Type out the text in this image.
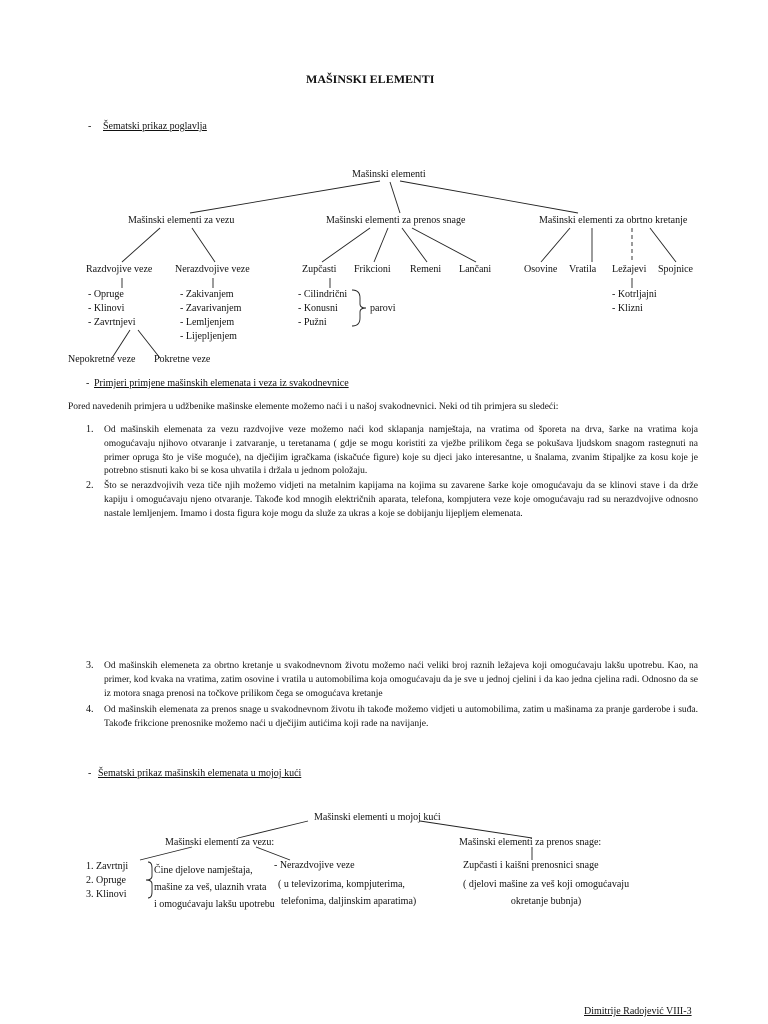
MAŠINSKI ELEMENTI
- Šematski prikaz poglavlja
Mašinski elementi
Mašinski elementi za vezu	Mašinski elementi za prenos snage	Mašinski elementi za obrtno kretanje
Razdvojive veze Nerazdvojive veze	Zupčasti Frikcioni Remeni Lančani	Osovine Vratila Ležajevi Spojnice
- Opruge
- Klinovi
- Zavrtnjevi
- Zakivanjem
- Zavarivanjem
- Lemljenjem
- Lijepljenjem
- Cilindrični
- Konusni
- Pužni
parovi
- Kotrljajni
- Klizni
Nepokretne veze Pokretne veze
- Primjeri primjene mašinskih elemenata i veza iz svakodnevnice
Pored navedenih primjera u udžbenike mašinske elemente možemo naći i u našoj svakodnevnici. Neki od tih primjera su sledeći:
1. Od mašinskih elemenata za vezu razdvojive veze možemo naći kod sklapanja namještaja, na vratima od šporeta na drva, šarke na vratima koja omogućavaju njihovo otvaranje i zatvaranje, u teretanama ( gdje se mogu koristiti za vježbe prilikom čega se pokušava ljudskom snagom rastegnuti na primer opruga što je više moguće), na dječijim igračkama (iskačuće figure) koje su djeci jako interesantne, u šnalama, zvanim štipaljke za kosu koje je potrebno stisnuti kako bi se kosa uhvatila i držala u jednom položaju.
2. Što se nerazdvojivih veza tiče njih možemo vidjeti na metalnim kapijama na kojima su zavarene šarke koje omogućavaju da se klinovi stave i da drže kapiju i omogućavaju njeno otvaranje. Takođe kod mnogih električnih aparata, telefona, kompjutera veze koje omogućavaju rad su nerazdvojive odnosno nastale lemljenjem. Imamo i dosta figura koje mogu da služe za ukras a koje se dobijanju lijepljem elemenata.
3. Od mašinskih elemeneta za obrtno kretanje u svakodnevnom životu možemo naći veliki broj raznih ležajeva koji omogućavaju lakšu upotrebu. Kao, na primer, kod kvaka na vratima, zatim osovine i vratila u automobilima koja omogućavaju da je sve u jednoj cjelini i da kao jedna cjelina radi. Odnosno da se iz motora snaga prenosi na točkove prilikom čega se omogućava kretanje
4. Od mašinskih elemenata za prenos snage u svakodnevnom životu ih takođe možemo vidjeti u automobilima, zatim u mašinama za pranje garderobe i suđa. Takođe frikcione prenosnike možemo naći u dječijim autićima koji rade na navijanje.
- Šematski prikaz mašinskih elemenata u mojoj kući
Mašinski elementi u mojoj kući
Mašinski elementi za vezu:	Mašinski elementi za prenos snage:
1. Zavrtnji
2. Opruge
3. Klinovi
Čine djelove namještaja,
mašine za veš, ulaznih vrata
i omogućavaju lakšu upotrebu
- Nerazdvojive veze
( u televizorima, kompjuterima,
telefonima, daljinskim aparatima)
Zupčasti i kaišni prenosnici snage
( djelovi mašine za veš koji omogućavaju
okretanje bubnja)
Dimitrije Radojević VIII-3
